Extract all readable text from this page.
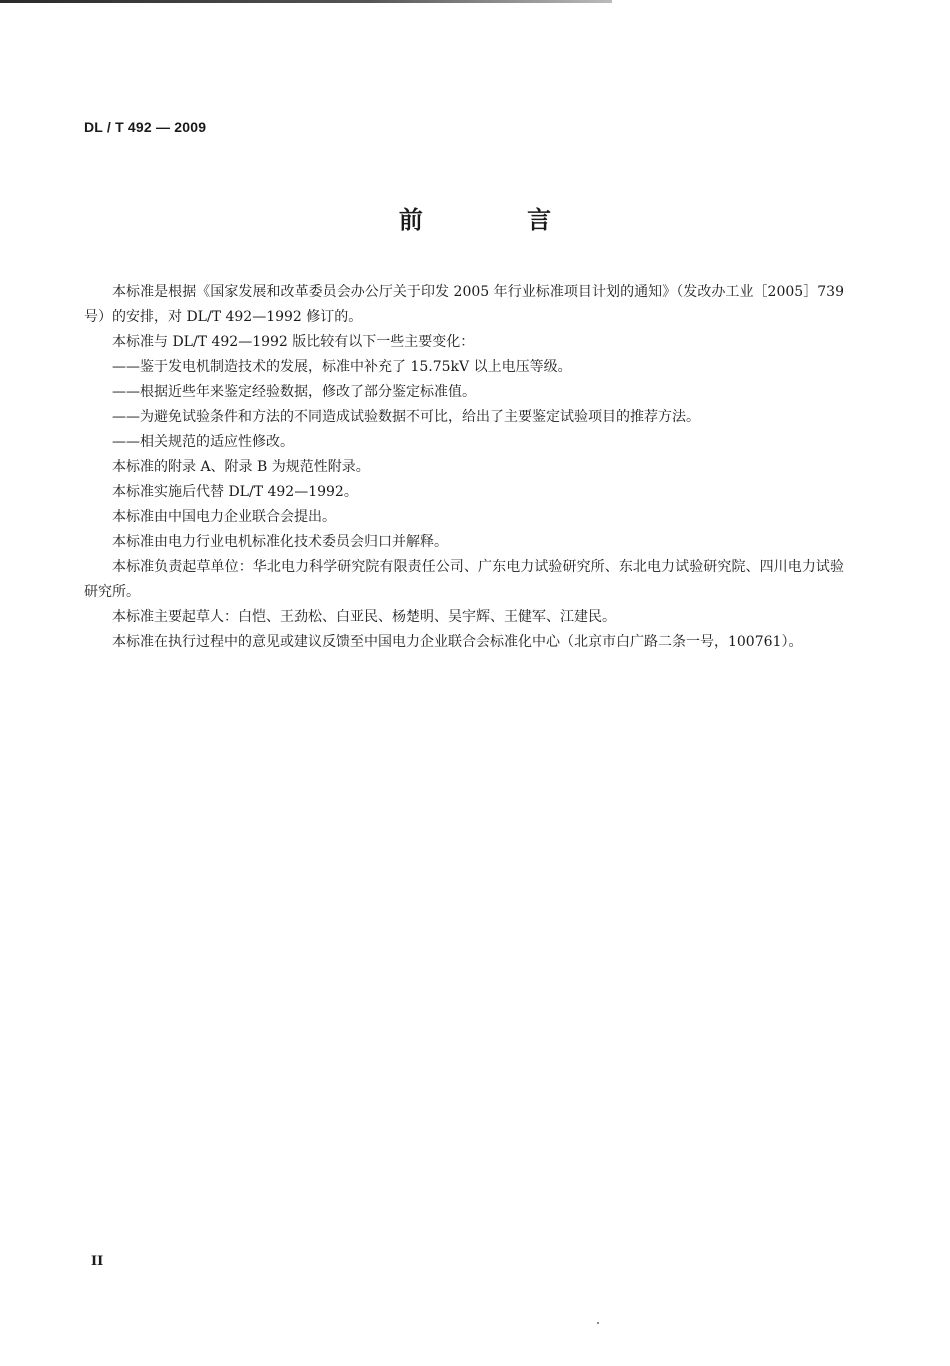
DL / T 492 — 2009
前 言

本标准是根据《国家发展和改革委员会办公厅关于印发 2005 年行业标准项目计划的通知》（发改办工业［2005］739 号）的安排，对 DL/T 492—1992 修订的。

本标准与 DL/T 492—1992 版比较有以下一些主要变化：

——鉴于发电机制造技术的发展，标准中补充了 15.75kV 以上电压等级。

——根据近些年来鉴定经验数据，修改了部分鉴定标准值。

——为避免试验条件和方法的不同造成试验数据不可比，给出了主要鉴定试验项目的推荐方法。

——相关规范的适应性修改。

本标准的附录 A、附录 B 为规范性附录。

本标准实施后代替 DL/T 492—1992。

本标准由中国电力企业联合会提出。

本标准由电力行业电机标准化技术委员会归口并解释。

本标准负责起草单位：华北电力科学研究院有限责任公司、广东电力试验研究所、东北电力试验研究院、四川电力试验研究所。

本标准主要起草人：白恺、王劲松、白亚民、杨楚明、吴宇辉、王健军、江建民。

本标准在执行过程中的意见或建议反馈至中国电力企业联合会标准化中心（北京市白广路二条一号，100761）。

II
